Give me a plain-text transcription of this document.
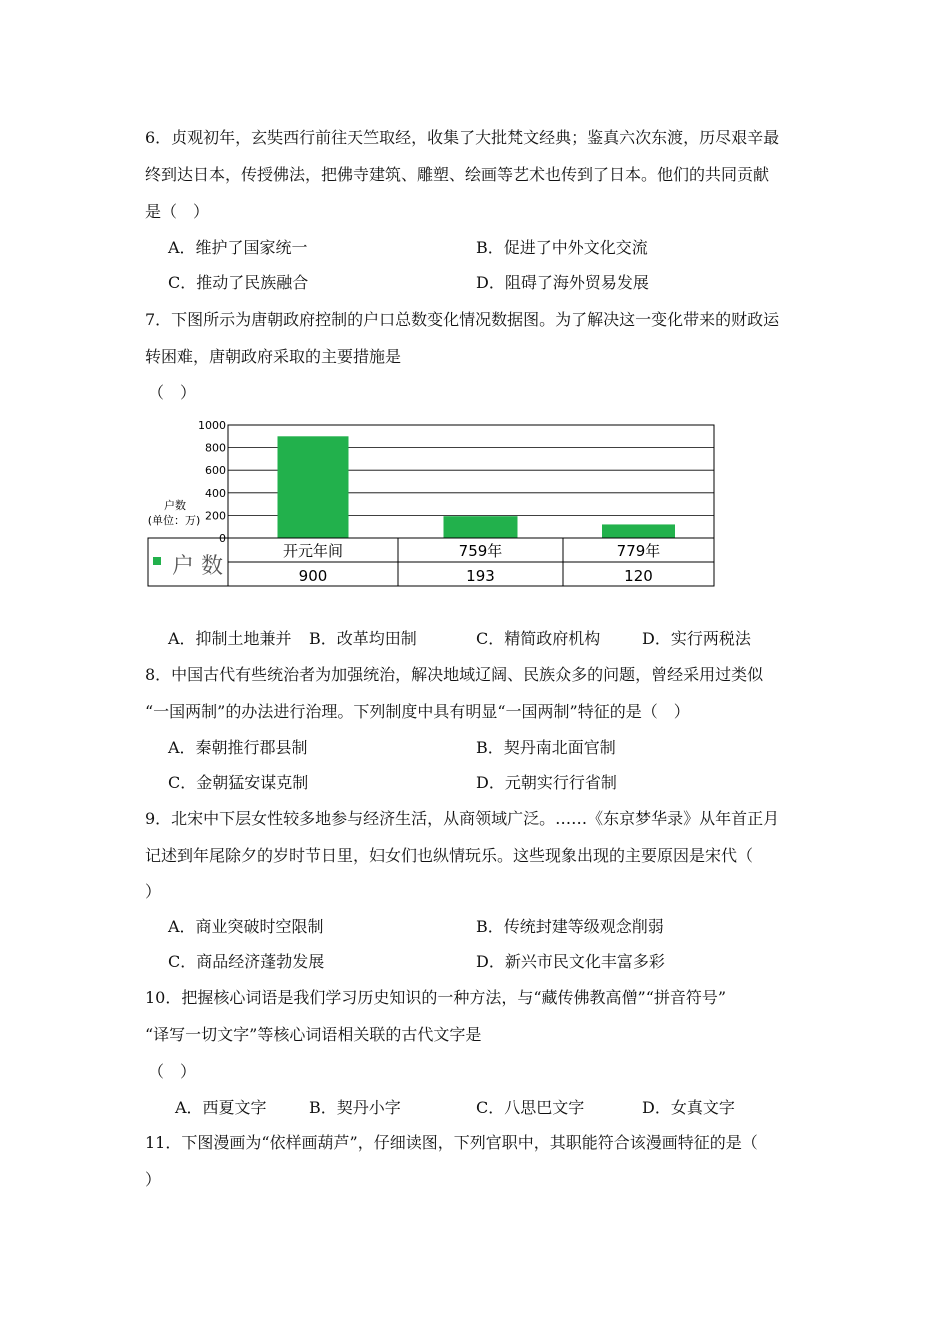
6．贞观初年，玄奘西行前往天竺取经，收集了大批梵文经典；鉴真六次东渡，历尽艰辛最
终到达日本，传授佛法，把佛寺建筑、雕塑、绘画等艺术也传到了日本。他们的共同贡献
是（　）
A．维护了国家统一	B．促进了中外文化交流
C．推动了民族融合	D．阻碍了海外贸易发展
7．下图所示为唐朝政府控制的户口总数变化情况数据图。为了解决这一变化带来的财政运
转困难，唐朝政府采取的主要措施是
（　）
1000
800
600
400
200
0
户数
(单位：万)
户 数
开元年间
900
759年
193
779年
120
A．抑制土地兼并 B．改革均田制	C．精简政府机构	D．实行两税法
8．中国古代有些统治者为加强统治，解决地域辽阔、民族众多的问题，曾经采用过类似
“一国两制”的办法进行治理。下列制度中具有明显“一国两制”特征的是（　）
A．秦朝推行郡县制	B．契丹南北面官制
C．金朝猛安谋克制	D．元朝实行行省制
9．北宋中下层女性较多地参与经济生活，从商领域广泛。……《东京梦华录》从年首正月
记述到年尾除夕的岁时节日里，妇女们也纵情玩乐。这些现象出现的主要原因是宋代（
）
A．商业突破时空限制	B．传统封建等级观念削弱
C．商品经济蓬勃发展	D．新兴市民文化丰富多彩
10．把握核心词语是我们学习历史知识的一种方法，与“藏传佛教高僧”“拼音符号”
“译写一切文字”等核心词语相关联的古代文字是
（　）
A．西夏文字	B．契丹小字	C．八思巴文字	D．女真文字
11．下图漫画为“依样画葫芦”，仔细读图，下列官职中，其职能符合该漫画特征的是（
）
